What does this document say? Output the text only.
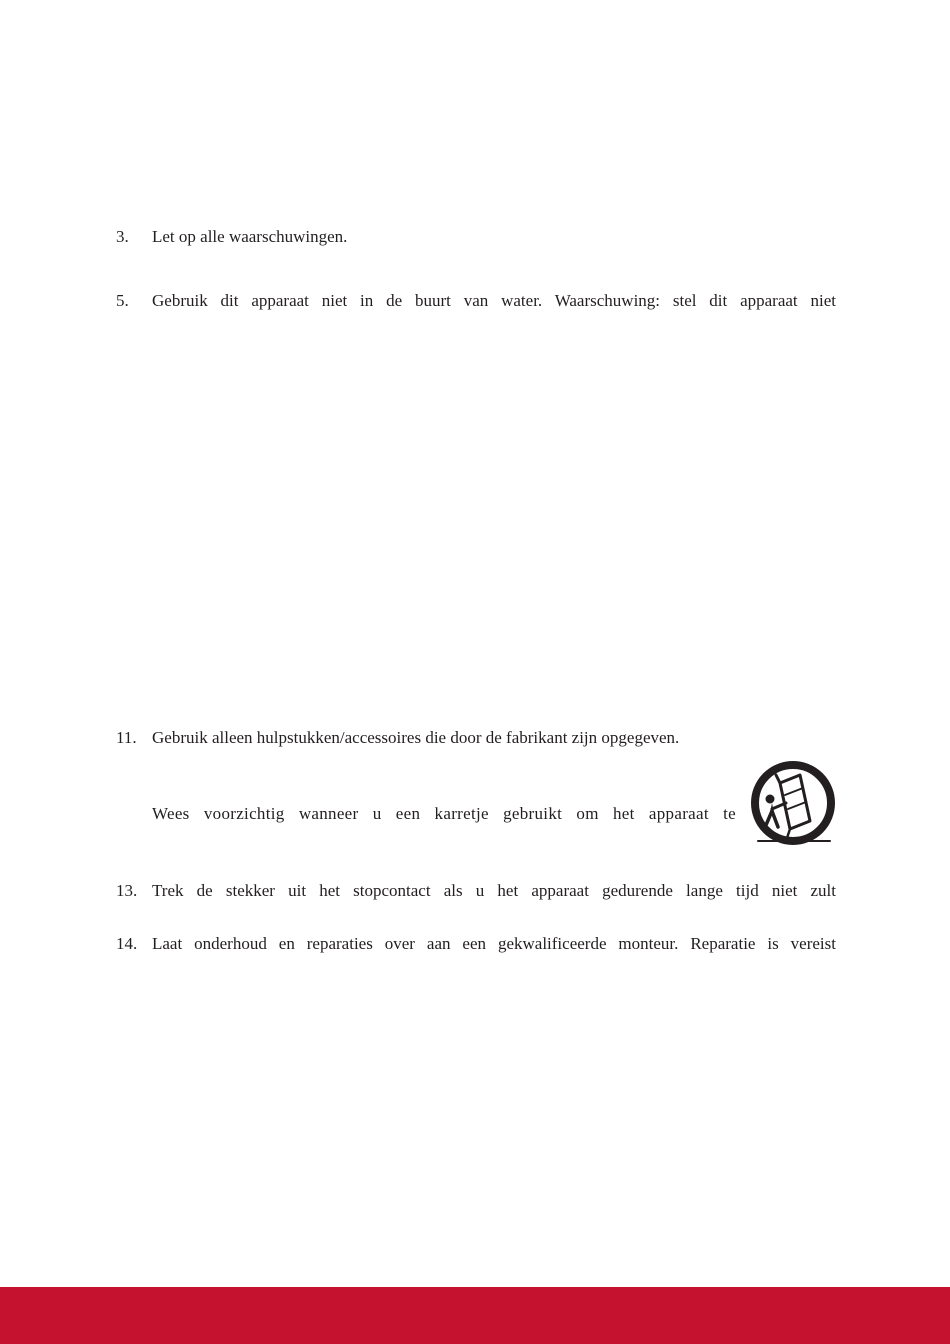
3. Let op alle waarschuwingen.
5. Gebruik dit apparaat niet in de buurt van water. Waarschuwing: stel dit apparaat niet
11. Gebruik alleen hulpstukken/accessoires die door de fabrikant zijn opgegeven.
Wees voorzichtig wanneer u een karretje gebruikt om het apparaat te
13. Trek de stekker uit het stopcontact als u het apparaat gedurende lange tijd niet zult
14. Laat onderhoud en reparaties over aan een gekwalificeerde monteur. Reparatie is vereist
